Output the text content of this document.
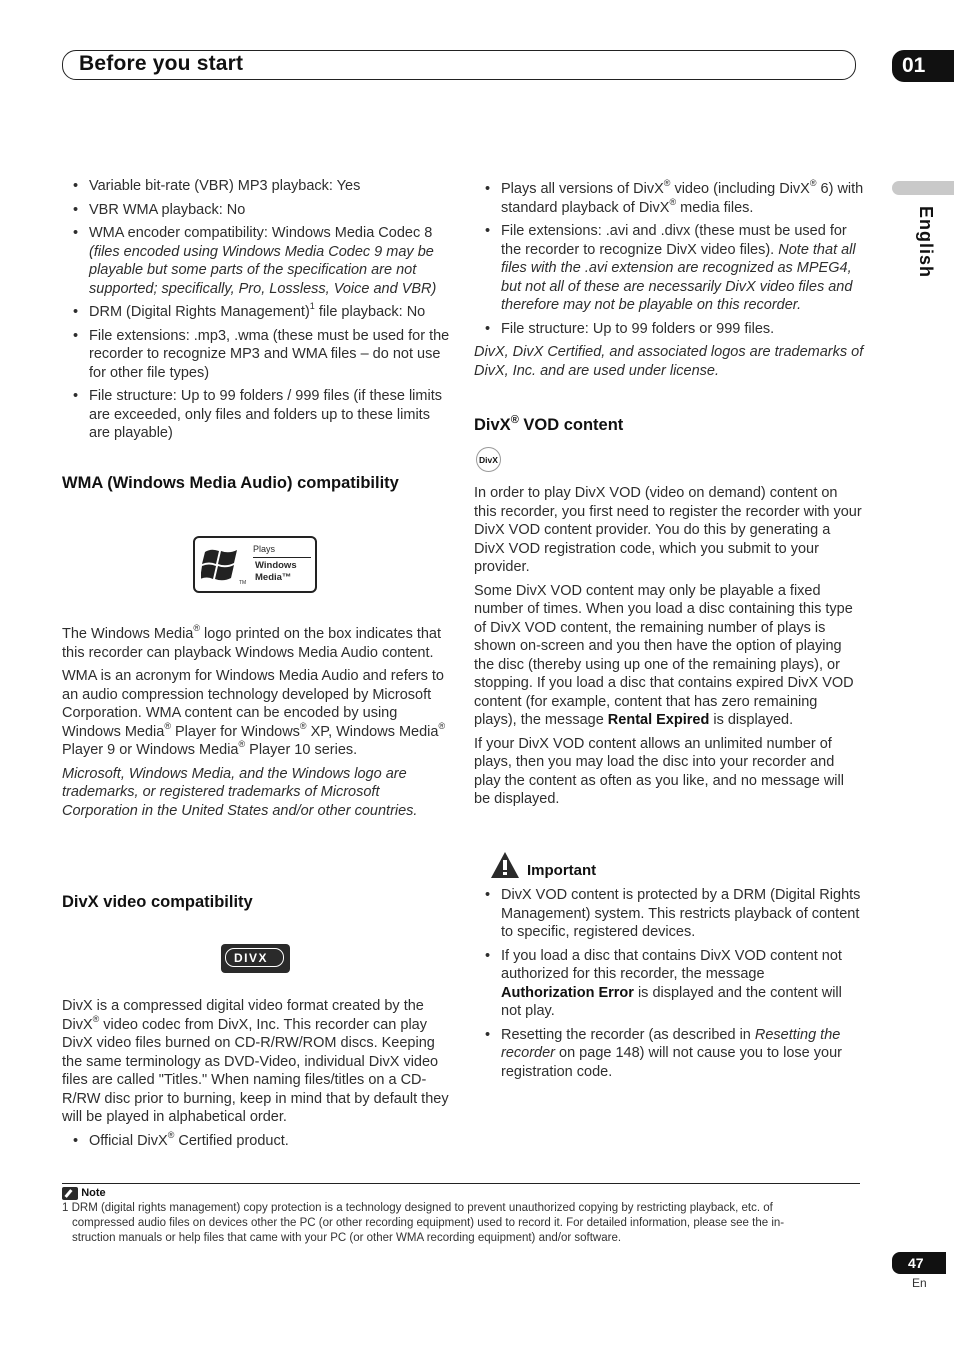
Before you start	01
English
• Variable bit-rate (VBR) MP3 playback: Yes
• VBR WMA playback: No
• WMA encoder compatibility: Windows Media Codec 8 (files encoded using Windows Media Codec 9 may be playable but some parts of the specification are not supported; specifically, Pro, Lossless, Voice and VBR)
• DRM (Digital Rights Management)$^1$ file playback: No
• File extensions: .mp3, .wma (these must be used for the recorder to recognize MP3 and WMA files – do not use for other file types)
• File structure: Up to 99 folders / 999 files (if these limits are exceeded, only files and folders up to these limits are playable)
WMA (Windows Media Audio) compatibility
TM
Plays
Windows
Media™

The Windows Media® logo printed on the box indicates that this recorder can playback Windows Media Audio content.

WMA is an acronym for Windows Media Audio and refers to an audio compression technology developed by Microsoft Corporation. WMA content can be encoded by using Windows Media® Player for Windows® XP, Windows Media® Player 9 or Windows Media® Player 10 series.

Microsoft, Windows Media, and the Windows logo are trademarks, or registered trademarks of Microsoft Corporation in the United States and/or other countries.

DivX video compatibility
DIVX

DivX is a compressed digital video format created by the DivX® video codec from DivX, Inc. This recorder can play DivX video files burned on CD-R/RW/ROM discs. Keeping the same terminology as DVD-Video, individual DivX video files are called "Titles." When naming files/titles on a CD-R/RW disc prior to burning, keep in mind that by default they will be played in alphabetical order.

• Official DivX® Certified product.
• Plays all versions of DivX® video (including DivX® 6) with standard playback of DivX® media files.
• File extensions: .avi and .divx (these must be used for the recorder to recognize DivX video files). Note that all files with the .avi extension are recognized as MPEG4, but not all of these are necessarily DivX video files and therefore may not be playable on this recorder.
• File structure: Up to 99 folders or 999 files.

DivX, DivX Certified, and associated logos are trademarks of DivX, Inc. and are used under license.

DivX® VOD content
DivX

In order to play DivX VOD (video on demand) content on this recorder, you first need to register the recorder with your DivX VOD content provider. You do this by generating a DivX VOD registration code, which you submit to your provider.

Some DivX VOD content may only be playable a fixed number of times. When you load a disc containing this type of DivX VOD content, the remaining number of plays is shown on-screen and you then have the option of playing the disc (thereby using up one of the remaining plays), or stopping. If you load a disc that contains expired DivX VOD content (for example, content that has zero remaining plays), the message Rental Expired is displayed.

If your DivX VOD content allows an unlimited number of plays, then you may load the disc into your recorder and play the content as often as you like, and no message will be displayed.

Important
• DivX VOD content is protected by a DRM (Digital Rights Management) system. This restricts playback of content to specific, registered devices.
• If you load a disc that contains DivX VOD content not authorized for this recorder, the message Authorization Error is displayed and the content will not play.
• Resetting the recorder (as described in Resetting the recorder on page 148) will not cause you to lose your registration code.
Note
1 DRM (digital rights management) copy protection is a technology designed to prevent unauthorized copying by restricting playback, etc. of
compressed audio files on devices other the PC (or other recording equipment) used to record it. For detailed information, please see the in-
struction manuals or help files that came with your PC (or other WMA recording equipment) and/or software.
47
En
